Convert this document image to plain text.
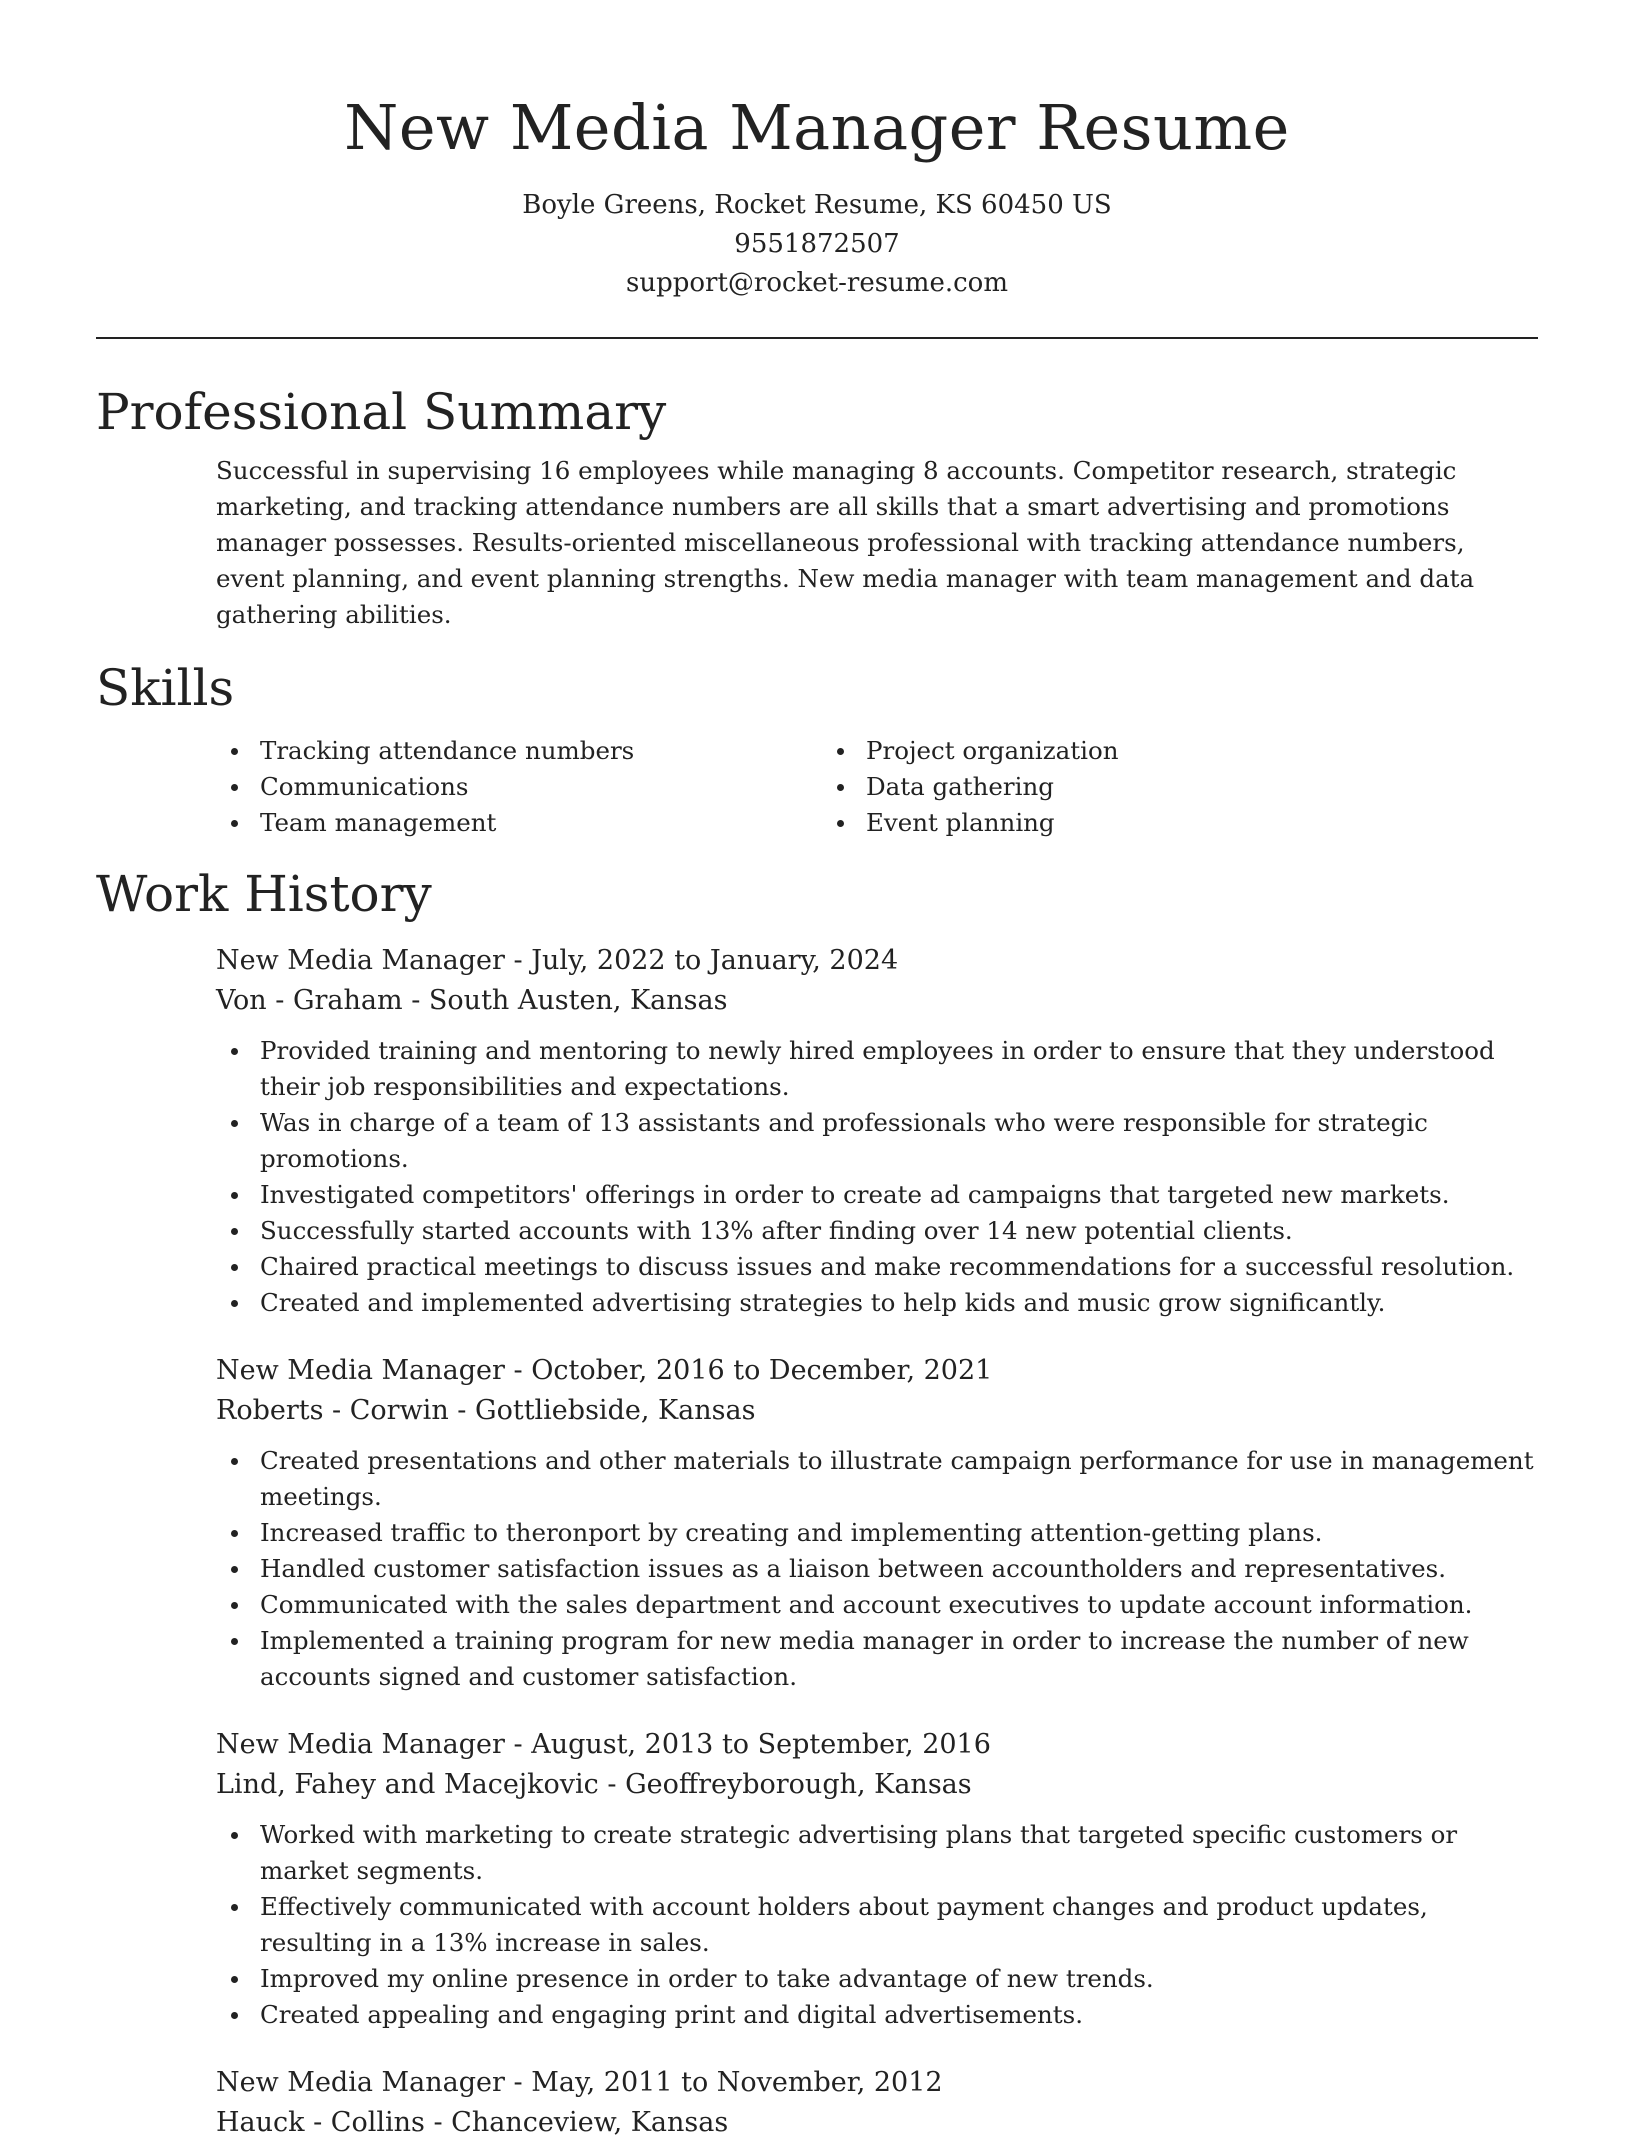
New Media Manager Resume

Boyle Greens, Rocket Resume, KS 60450 US

9551872507

support@rocket-resume.com

Professional Summary

Successful in supervising 16 employees while managing 8 accounts. Competitor research, strategic marketing, and tracking attendance numbers are all skills that a smart advertising and promotions manager possesses. Results-oriented miscellaneous professional with tracking attendance numbers, event planning, and event planning strengths. New media manager with team management and data gathering abilities.

Skills
Tracking attendance numbers
Communications
Team management
Project organization
Data gathering
Event planning
Work History

New Media Manager - July, 2022 to January, 2024

Von - Graham - South Austen, Kansas

Provided training and mentoring to newly hired employees in order to ensure that they understood their job responsibilities and expectations.
Was in charge of a team of 13 assistants and professionals who were responsible for strategic promotions.
Investigated competitors' offerings in order to create ad campaigns that targeted new markets.
Successfully started accounts with 13% after finding over 14 new potential clients.
Chaired practical meetings to discuss issues and make recommendations for a successful resolution.
Created and implemented advertising strategies to help kids and music grow significantly.

New Media Manager - October, 2016 to December, 2021

Roberts - Corwin - Gottliebside, Kansas

Created presentations and other materials to illustrate campaign performance for use in management meetings.
Increased traffic to theronport by creating and implementing attention-getting plans.
Handled customer satisfaction issues as a liaison between accountholders and representatives.
Communicated with the sales department and account executives to update account information.
Implemented a training program for new media manager in order to increase the number of new accounts signed and customer satisfaction.

New Media Manager - August, 2013 to September, 2016

Lind, Fahey and Macejkovic - Geoffreyborough, Kansas

Worked with marketing to create strategic advertising plans that targeted specific customers or market segments.
Effectively communicated with account holders about payment changes and product updates, resulting in a 13% increase in sales.
Improved my online presence in order to take advantage of new trends.
Created appealing and engaging print and digital advertisements.

New Media Manager - May, 2011 to November, 2012

Hauck - Collins - Chanceview, Kansas
